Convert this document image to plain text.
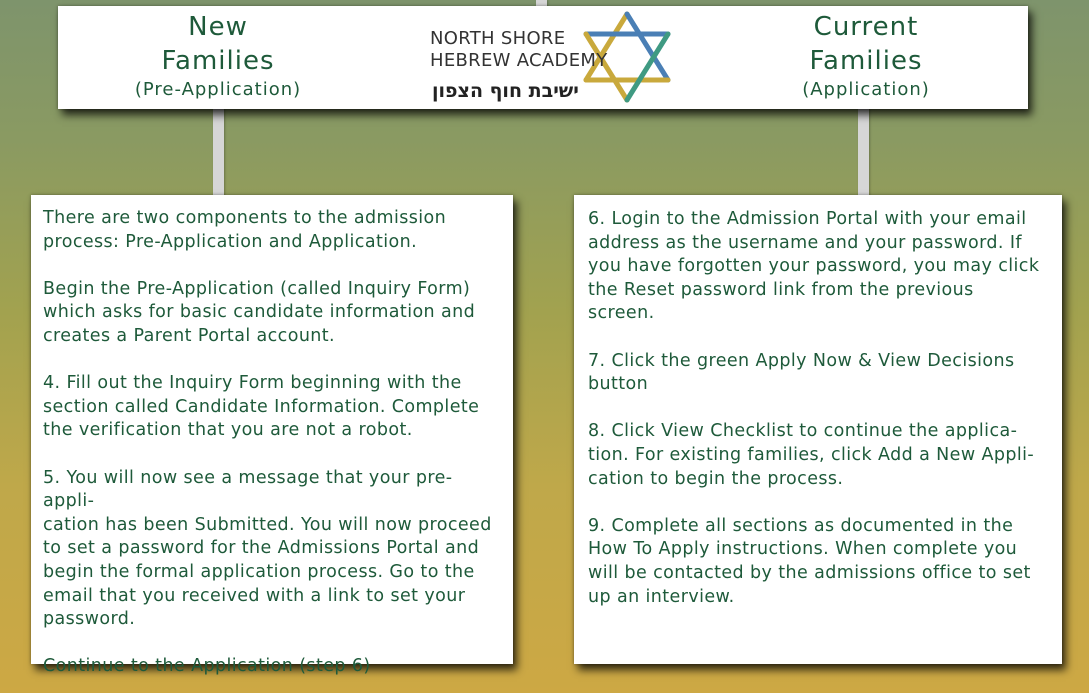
New
Families
(Pre-Application)
NORTH SHORE
HEBREW ACADEMY
ישיבת חוף הצפון
Current
Families
(Application)

There are two components to the admission
process: Pre-Application and Application.

Begin the Pre-Application (called Inquiry Form)
which asks for basic candidate information and
creates a Parent Portal account.

4. Fill out the Inquiry Form beginning with the
section called Candidate Information. Complete
the verification that you are not a robot.

5. You will now see a message that your pre-appli-
cation has been Submitted. You will now proceed
to set a password for the Admissions Portal and
begin the formal application process. Go to the
email that you received with a link to set your
password.

Continue to the Application (step 6)

6. Login to the Admission Portal with your email
address as the username and your password. If
you have forgotten your password, you may click
the Reset password link from the previous
screen.

7. Click the green Apply Now & View Decisions
button

8. Click View Checklist to continue the applica-
tion. For existing families, click Add a New Appli-
cation to begin the process.

9. Complete all sections as documented in the
How To Apply instructions. When complete you
will be contacted by the admissions office to set
up an interview.
